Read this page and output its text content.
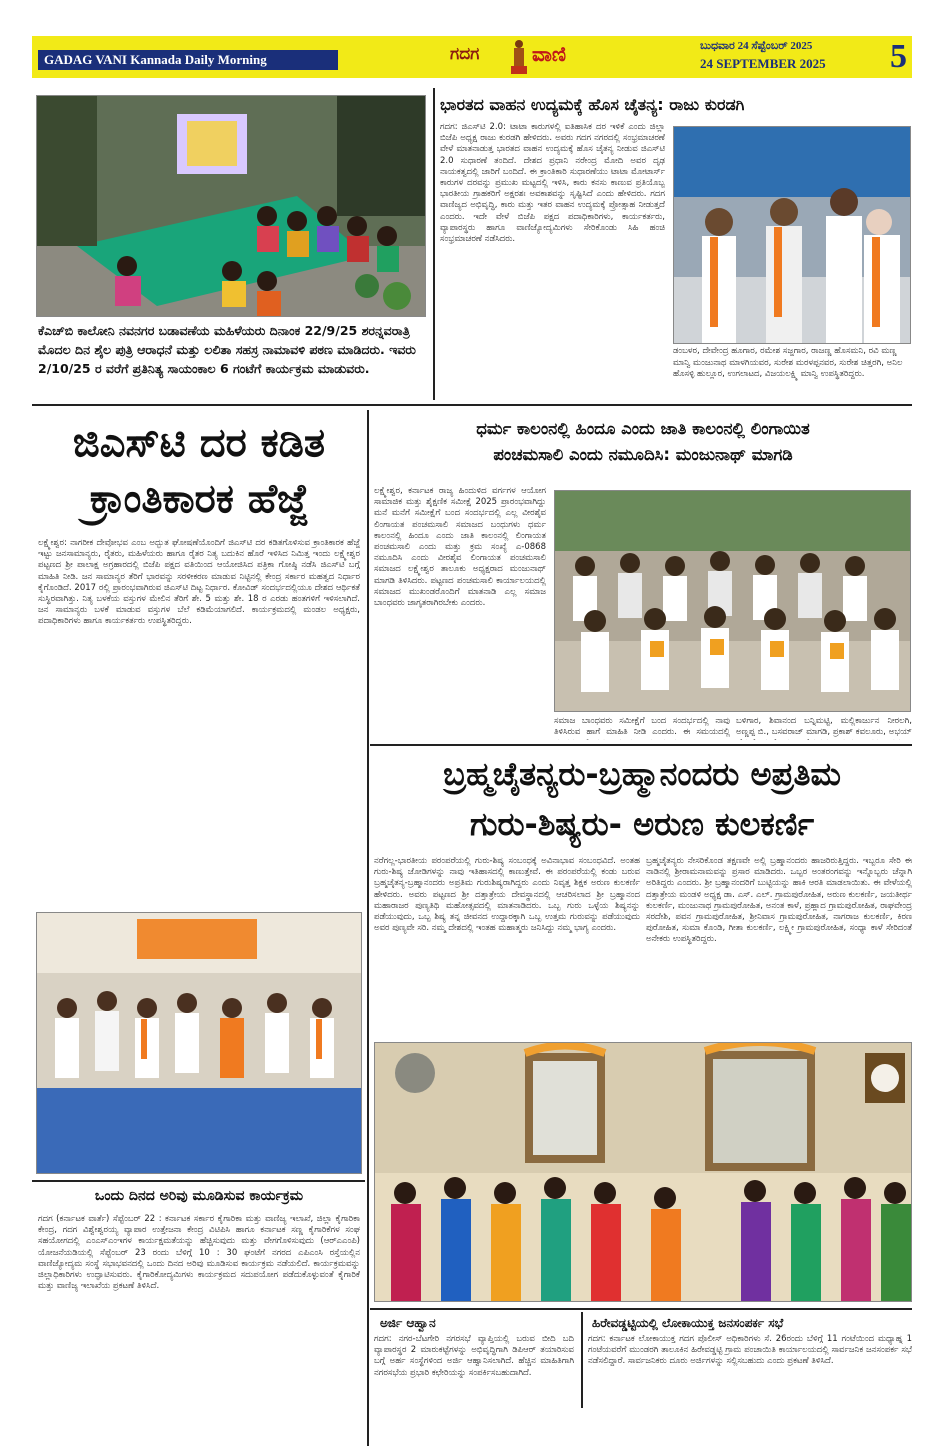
GADAG VANI Kannada Daily Morning	ಗದಗ	ವಾಣಿ	ಬುಧವಾರ 24 ಸೆಪ್ಟೆಂಬರ್ 2025
24 SEPTEMBER 2025 5
ಕೆಎಚ್‌ಬಿ ಕಾಲೋನಿ ನವನಗರ ಬಡಾವಣೆಯ ಮಹಿಳೆಯರು ದಿನಾಂಕ 22/9/25 ಶರನ್ನವರಾತ್ರಿ ಮೊದಲ ದಿನ ಶೈಲ ಪುತ್ರಿ ಆರಾಧನೆ ಮತ್ತು ಲಲಿತಾ ಸಹಸ್ರ ನಾಮಾವಳಿ ಪಠಣ ಮಾಡಿದರು. ಇವರು 2/10/25 ರ ವರೆಗೆ ಪ್ರತಿನಿತ್ಯ ಸಾಯಂಕಾಲ 6 ಗಂಟೆಗೆ ಕಾರ್ಯಕ್ರಮ ಮಾಡುವರು.
ಭಾರತದ ವಾಹನ ಉದ್ಯಮಕ್ಕೆ ಹೊಸ ಚೈತನ್ಯ: ರಾಜು ಕುರಡಗಿ
ಗದಗ: ಜಿಎಸ್‌ಟಿ 2.0: ಟಾಟಾ ಕಾರುಗಳಲ್ಲಿ ಐತಿಹಾಸಿಕ ದರ ಇಳಿಕೆ ಎಂದು ಜಿಲ್ಲಾ ಬಿಜೆಪಿ ಅಧ್ಯಕ್ಷ ರಾಜು ಕುರಡಗಿ ಹೇಳಿದರು. ಅವರು ಗದಗ ನಗರದಲ್ಲಿ ಸಂಭ್ರಮಾಚರಣೆ ವೇಳೆ ಮಾತನಾಡುತ್ತ ಭಾರತದ ವಾಹನ ಉದ್ಯಮಕ್ಕೆ ಹೊಸ ಚೈತನ್ಯ ನೀಡುವ ಜಿಎಸ್‌ಟಿ 2.0 ಸುಧಾರಣೆ ತಂದಿದೆ. ದೇಶದ ಪ್ರಧಾನಿ ನರೇಂದ್ರ ಮೋದಿ ಅವರ ದೃಢ ನಾಯಕತ್ವದಲ್ಲಿ ಜಾರಿಗೆ ಬಂದಿದೆ. ಈ ಕ್ರಾಂತಿಕಾರಿ ಸುಧಾರಣೆಯು ಟಾಟಾ ಮೋಟಾರ್ಸ್ ಕಾರುಗಳ ದರವನ್ನು ಪ್ರಮುಖ ಮಟ್ಟದಲ್ಲಿ ಇಳಿಸಿ, ಕಾರು ಕನಸು ಕಾಣುವ ಪ್ರತಿಯೊಬ್ಬ ಭಾರತೀಯ ಗ್ರಾಹಕರಿಗೆ ಅಕ್ಷರಶಃ ಅವಕಾಶವನ್ನು ಸೃಷ್ಟಿಸಿದೆ ಎಂದು ಹೇಳಿದರು. ಗದಗ ವಾಣಿಜ್ಯದ ಅಭಿವೃದ್ಧಿ, ಕಾರು ಮತ್ತು ಇತರ ವಾಹನ ಉದ್ಯಮಕ್ಕೆ ಪ್ರೋತ್ಸಾಹ ನೀಡುತ್ತದೆ ಎಂದರು. ಇದೇ ವೇಳೆ ಬಿಜೆಪಿ ಪಕ್ಷದ ಪದಾಧಿಕಾರಿಗಳು, ಕಾರ್ಯಕರ್ತರು, ವ್ಯಾಪಾರಸ್ಥರು ಹಾಗೂ ವಾಣಿಜ್ಯೋದ್ಯಮಿಗಳು ಸೇರಿಕೊಂಡು ಸಿಹಿ ಹಂಚಿ ಸಂಭ್ರಮಾಚರಣೆ ನಡೆಸಿದರು.
ಡಂಬಳರ, ದೇವೇಂದ್ರ ಹೂಗಾರ, ರಮೇಶ ಸಜ್ಜಗಾರ, ರಾಜಣ್ಣ ಹೊಸಮನಿ, ರವಿ ಮಣ್ಣ ಮಾನ್ವಿ ಮಂಜುನಾಥ ಮಾಳಗಿಯವರ, ಸುರೇಶ ಮರಳಪ್ಪನವರ, ಸುರೇಶ ಚಿತ್ತರಗಿ, ಅನಿಲ ಹೊಸಳ್ಳಿ ಹುಲ್ಲೂರ, ಉಗಲಾಟದ, ವಿಜಯಲಕ್ಷ್ಮಿ ಮಾನ್ವಿ ಉಪಸ್ಥಿತರಿದ್ದರು.
ಜಿಎಸ್‌ಟಿ ದರ ಕಡಿತ
ಕ್ರಾಂತಿಕಾರಕ ಹೆಜ್ಜೆ
ಲಕ್ಷ್ಮೇಶ್ವರ: ನಾಗರೀಕ ದೇವೋಭವ ಎಂಬ ಅದ್ಭುತ ಘೋಷಣೆಯೊಂದಿಗೆ ಜಿಎಸ್‌ಟಿ ದರ ಕಡಿತಗೊಳಿಸುವ ಕ್ರಾಂತಿಕಾರಕ ಹೆಜ್ಜೆ ಇಟ್ಟು ಜನಸಾಮಾನ್ಯರು, ರೈತರು, ಮಹಿಳೆಯರು ಹಾಗೂ ರೈತರ ನಿತ್ಯ ಬದುಕಿನ ಹೊರೆ ಇಳಿಸಿದ ನಿಮಿತ್ತ ಇಂದು ಲಕ್ಷ್ಮೇಶ್ವರ ಪಟ್ಟಣದ ಶ್ರೀ ಪಾಲಾಕ್ಷ ಅಗ್ರಹಾರದಲ್ಲಿ ಬಿಜೆಪಿ ಪಕ್ಷದ ವತಿಯಿಂದ ಆಯೋಜಿಸಿದ ಪತ್ರಿಕಾ ಗೋಷ್ಠಿ ನಡೆಸಿ ಜಿಎಸ್‌ಟಿ ಬಗ್ಗೆ ಮಾಹಿತಿ ನೀಡಿ. ಜನ ಸಾಮಾನ್ಯರ ತೆರಿಗೆ ಭಾರವನ್ನು ಸರಳೀಕರಣ ಮಾಡುವ ನಿಟ್ಟಿನಲ್ಲಿ ಕೇಂದ್ರ ಸರ್ಕಾರ ಮಹತ್ವದ ನಿರ್ಧಾರ ಕೈಗೊಂಡಿದೆ. 2017 ರಲ್ಲಿ ಪ್ರಾರಂಭವಾಗಿರುವ ಜಿಎಸ್‌ಟಿ ದಿಟ್ಟ ನಿರ್ಧಾರ. ಕೋವಿಡ್ ಸಂದರ್ಭದಲ್ಲಿಯೂ ದೇಶದ ಆರ್ಥಿಕತೆ ಸುಸ್ಥಿರವಾಗಿತ್ತು. ನಿತ್ಯ ಬಳಕೆಯ ವಸ್ತುಗಳ ಮೇಲಿನ ತೆರಿಗೆ ಶೇ. 5 ಮತ್ತು ಶೇ. 18 ರ ಎರಡು ಹಂತಗಳಿಗೆ ಇಳಿಸಲಾಗಿದೆ. ಜನ ಸಾಮಾನ್ಯರು ಬಳಕೆ ಮಾಡುವ ವಸ್ತುಗಳ ಬೆಲೆ ಕಡಿಮೆಯಾಗಲಿದೆ. ಕಾರ್ಯಕ್ರಮದಲ್ಲಿ ಮಂಡಲ ಅಧ್ಯಕ್ಷರು, ಪದಾಧಿಕಾರಿಗಳು ಹಾಗೂ ಕಾರ್ಯಕರ್ತರು ಉಪಸ್ಥಿತರಿದ್ದರು.
ಧರ್ಮ ಕಾಲಂನಲ್ಲಿ ಹಿಂದೂ ಎಂದು ಜಾತಿ ಕಾಲಂನಲ್ಲಿ ಲಿಂಗಾಯಿತ
ಪಂಚಮಸಾಲಿ ಎಂದು ನಮೂದಿಸಿ: ಮಂಜುನಾಥ್ ಮಾಗಡಿ
ಲಕ್ಷ್ಮೇಶ್ವರ, ಕರ್ನಾಟಕ ರಾಜ್ಯ ಹಿಂದುಳಿದ ವರ್ಗಗಳ ಆಯೋಗ ಸಾಮಾಜಿಕ ಮತ್ತು ಶೈಕ್ಷಣಿಕ ಸಮೀಕ್ಷೆ 2025 ಪ್ರಾರಂಭವಾಗಿದ್ದು ಮನೆ ಮನೆಗೆ ಸಮೀಕ್ಷೆಗೆ ಬಂದ ಸಂದರ್ಭದಲ್ಲಿ ಎಲ್ಲ ವೀರಶೈವ ಲಿಂಗಾಯತ ಪಂಚಮಸಾಲಿ ಸಮಾಜದ ಬಂಧುಗಳು ಧರ್ಮ ಕಾಲಂನಲ್ಲಿ ಹಿಂದೂ ಎಂದು ಜಾತಿ ಕಾಲಂನಲ್ಲಿ ಲಿಂಗಾಯತ ಪಂಚಮಸಾಲಿ ಎಂದು ಮತ್ತು ಕ್ರಮ ಸಂಖ್ಯೆ ಎ-0868 ನಮೂದಿಸಿ ಎಂದು ವೀರಶೈವ ಲಿಂಗಾಯತ ಪಂಚಮಸಾಲಿ ಸಮಾಜದ ಲಕ್ಷ್ಮೇಶ್ವರ ತಾಲೂಕು ಅಧ್ಯಕ್ಷರಾದ ಮಂಜುನಾಥ್ ಮಾಗಡಿ ತಿಳಿಸಿದರು. ಪಟ್ಟಣದ ಪಂಚಮಸಾಲಿ ಕಾರ್ಯಾಲಯದಲ್ಲಿ ಸಮಾಜದ ಮುಖಂಡರೊಂದಿಗೆ ಮಾತನಾಡಿ ಎಲ್ಲ ಸಮಾಜ ಬಾಂಧವರು ಜಾಗೃತರಾಗಿರಬೇಕು ಎಂದರು.
ಸಮಾಜ ಬಾಂಧವರು ಸಮೀಕ್ಷೆಗೆ ಬಂದ ಸಂದರ್ಭದಲ್ಲಿ ನಾವು ತಿಳಿಸಿರುವ ಹಾಗೆ ಮಾಹಿತಿ ನೀಡಿ ಎಂದರು. ಈ ಸಮಯದಲ್ಲಿ
ಬಳಿಗಾರ, ಶಿವಾನಂದ ಬನ್ನಿಮಟ್ಟಿ, ಮಲ್ಲಿಕಾರ್ಜುನ ನೀರಲಗಿ, ಅಣ್ಣಪ್ಪ ಬಿ., ಬಸವರಾಜ್ ಮಾಗಡಿ, ಪ್ರಕಾಶ್ ಕವಲೂರು, ಅಭಯ್
ಬ್ರಹ್ಮಚೈತನ್ಯರು-ಬ್ರಹ್ಮಾನಂದರು ಅಪ್ರತಿಮ
ಗುರು-ಶಿಷ್ಯರು- ಅರುಣ ಕುಲಕರ್ಣಿ
ನರೆಗಲ್ಲ-ಭಾರತೀಯ ಪರಂಪರೆಯಲ್ಲಿ ಗುರು-ಶಿಷ್ಯ ಸಂಬಂಧಕ್ಕೆ ಅವಿನಾಭಾವ ಸಂಬಂಧವಿದೆ. ಅಂತಹ ಗುರು-ಶಿಷ್ಯ ಜೋಡಿಗಳನ್ನು ನಾವು ಇತಿಹಾಸದಲ್ಲಿ ಕಾಣುತ್ತೇವೆ. ಈ ಪರಂಪರೆಯಲ್ಲಿ ಕಂಡು ಬರುವ ಬ್ರಹ್ಮಚೈತನ್ಯ-ಬ್ರಹ್ಮಾನಂದರು ಅಪ್ರತಿಮ ಗುರುಶಿಷ್ಯರಾಗಿದ್ದರು ಎಂದು ನಿವೃತ್ತ ಶಿಕ್ಷಕ ಅರುಣ ಕುಲಕರ್ಣಿ ಹೇಳಿದರು. ಅವರು ಪಟ್ಟಣದ ಶ್ರೀ ದತ್ತಾತ್ರೇಯ ದೇವಸ್ಥಾನದಲ್ಲಿ ಆಚರಿಸಲಾದ ಶ್ರೀ ಬ್ರಹ್ಮಾನಂದ ಮಹಾರಾಜರ ಪುಣ್ಯತಿಥಿ ಮಹೋತ್ಸವದಲ್ಲಿ ಮಾತನಾಡಿದರು. ಒಬ್ಬ ಗುರು ಒಳ್ಳೆಯ ಶಿಷ್ಯನನ್ನು ಪಡೆಯುವುದು, ಒಬ್ಬ ಶಿಷ್ಯ ತನ್ನ ಜೀವನದ ಉದ್ದಾರಕ್ಕಾಗಿ ಒಬ್ಬ ಉತ್ತಮ ಗುರುವನ್ನು ಪಡೆಯುವುದು ಅವರ ಪುಣ್ಯವೇ ಸರಿ. ನಮ್ಮ ದೇಶದಲ್ಲಿ ಇಂತಹ ಮಹಾತ್ಮರು ಜನಿಸಿದ್ದು ನಮ್ಮ ಭಾಗ್ಯ ಎಂದರು.
ಬ್ರಹ್ಮಚೈತನ್ಯರು ನೇಸರಿಕೊಂಡ ತಕ್ಷಣವೇ ಅಲ್ಲಿ ಬ್ರಹ್ಮಾನಂದರು ಹಾಜರಿರುತ್ತಿದ್ದರು. ಇಬ್ಬರೂ ಸೇರಿ ಈ ನಾಡಿನಲ್ಲಿ ಶ್ರೀರಾಮನಾಮವನ್ನು ಪ್ರಸಾರ ಮಾಡಿದರು. ಒಬ್ಬರ ಅಂತರಂಗವನ್ನು ಇನ್ನೊಬ್ಬರು ಚೆನ್ನಾಗಿ ಅರಿತಿದ್ದರು ಎಂದರು. ಶ್ರೀ ಬ್ರಹ್ಮಾನಂದರಿಗೆ ಬುಟ್ಟಿಯನ್ನು ಹಾಕಿ ಆರತಿ ಮಾಡಲಾಯಿತು. ಈ ವೇಳೆಯಲ್ಲಿ ದತ್ತಾತ್ರೇಯ ಮಂಡಳಿ ಅಧ್ಯಕ್ಷ ಡಾ. ಎಸ್. ಎಲ್. ಗ್ರಾಮಪುರೋಹಿತ, ಅರುಣ ಕುಲಕರ್ಣಿ, ಜಯತೀರ್ಥ ಕುಲಕರ್ಣಿ, ಮಂಜುನಾಥ ಗ್ರಾಮಪುರೋಹಿತ, ಅನಂತ ಕಾಳೆ, ಪ್ರಹ್ಲಾದ ಗ್ರಾಮಪುರೋಹಿತ, ರಾಘವೇಂದ್ರ ಸರದೇಶಿ, ಪವನ ಗ್ರಾಮಪುರೋಹಿತ, ಶ್ರೀನಿವಾಸ ಗ್ರಾಮಪುರೋಹಿತ, ನಾಗರಾಜ ಕುಲಕರ್ಣಿ, ಕಿರಣ ಪುರೋಹಿತ, ಸುಮಾ ಕೊಂಡಿ, ಗೀತಾ ಕುಲಕರ್ಣಿ, ಲಕ್ಷ್ಮೀ ಗ್ರಾಮಪುರೋಹಿತ, ಸಂಧ್ಯಾ ಕಾಳೆ ಸೇರಿದಂತೆ ಅನೇಕರು ಉಪಸ್ಥಿತರಿದ್ದರು.
ಒಂದು ದಿನದ ಅರಿವು ಮೂಡಿಸುವ ಕಾರ್ಯಕ್ರಮ
ಗದಗ (ಕರ್ನಾಟಕ ವಾರ್ತೆ) ಸೆಪ್ಟೆಂಬರ್ 22 : ಕರ್ನಾಟಕ ಸರ್ಕಾರ ಕೈಗಾರಿಕಾ ಮತ್ತು ವಾಣಿಜ್ಯ ಇಲಾಖೆ, ಜಿಲ್ಲಾ ಕೈಗಾರಿಕಾ ಕೇಂದ್ರ, ಗದಗ ವಿಶ್ವೇಶ್ವರಯ್ಯ ವ್ಯಾಪಾರ ಉತ್ತೇಜನಾ ಕೇಂದ್ರ ವಿಟಿಪಿಸಿ ಹಾಗೂ ಕರ್ನಾಟಕ ಸಣ್ಣ ಕೈಗಾರಿಕೆಗಳ ಸಂಘ ಸಹಯೋಗದಲ್ಲಿ ಎಂಎಸ್‌ಎಂಇಗಳ ಕಾರ್ಯಕ್ಷಮತೆಯನ್ನು ಹೆಚ್ಚಿಸುವುದು ಮತ್ತು ವೇಗಗೊಳಿಸುವುದು (ಆರ್‌ಎಎಂಪಿ) ಯೋಜನೆಯಡಿಯಲ್ಲಿ ಸೆಪ್ಟೆಂಬರ್ 23 ರಂದು ಬೆಳಿಗ್ಗೆ 10 : 30 ಘಂಟೆಗೆ ನಗರದ ಎಪಿಎಂಸಿ ರಸ್ತೆಯಲ್ಲಿನ ವಾಣಿಜ್ಯೋದ್ಯಮ ಸಂಸ್ಥೆ ಸಭಾಭವನದಲ್ಲಿ ಒಂದು ದಿನದ ಅರಿವು ಮೂಡಿಸುವ ಕಾರ್ಯಕ್ರಮ ನಡೆಯಲಿದೆ. ಕಾರ್ಯಕ್ರಮವನ್ನು ಜಿಲ್ಲಾಧಿಕಾರಿಗಳು ಉದ್ಘಾಟಿಸುವರು. ಕೈಗಾರಿಕೋದ್ಯಮಿಗಳು ಕಾರ್ಯಕ್ರಮದ ಸದುಪಯೋಗ ಪಡೆದುಕೊಳ್ಳುವಂತೆ ಕೈಗಾರಿಕೆ ಮತ್ತು ವಾಣಿಜ್ಯ ಇಲಾಖೆಯ ಪ್ರಕಟಣೆ ತಿಳಿಸಿದೆ.
ಅರ್ಜಿ ಆಹ್ವಾನ
ಗದಗ: ನಗರ-ಬೆಟಗೇರಿ ನಗರಸಭೆ ವ್ಯಾಪ್ತಿಯಲ್ಲಿ ಬರುವ ಬೀದಿ ಬದಿ ವ್ಯಾಪಾರಸ್ಥರ 2 ಮಾರುಕಟ್ಟೆಗಳನ್ನು ಅಭಿವೃದ್ಧಿಗಾಗಿ ಡಿಪಿಆರ್ ತಯಾರಿಸುವ ಬಗ್ಗೆ ಅರ್ಹ ಸಂಸ್ಥೆಗಳಿಂದ ಅರ್ಜಿ ಆಹ್ವಾನಿಸಲಾಗಿದೆ. ಹೆಚ್ಚಿನ ಮಾಹಿತಿಗಾಗಿ ನಗರಸಭೆಯ ಪ್ರಭಾರಿ ಕಛೇರಿಯನ್ನು ಸಂಪರ್ಕಿಸಬಹುದಾಗಿದೆ.
ಹಿರೇವಡ್ಡಟ್ಟಿಯಲ್ಲಿ ಲೋಕಾಯುಕ್ತ ಜನಸಂಪರ್ಕ ಸಭೆ
ಗದಗ: ಕರ್ನಾಟಕ ಲೋಕಾಯುಕ್ತ ಗದಗ ಪೊಲೀಸ್ ಅಧಿಕಾರಿಗಳು ಸೆ. 26ರಂದು ಬೆಳಿಗ್ಗೆ 11 ಗಂಟೆಯಿಂದ ಮಧ್ಯಾಹ್ನ 1 ಗಂಟೆಯವರೆಗೆ ಮುಂಡರಗಿ ತಾಲೂಕಿನ ಹಿರೇವಡ್ಡಟ್ಟಿ ಗ್ರಾಮ ಪಂಚಾಯಿತಿ ಕಾರ್ಯಾಲಯದಲ್ಲಿ ಸಾರ್ವಜನಿಕ ಜನಸಂಪರ್ಕ ಸಭೆ ನಡೆಸಲಿದ್ದಾರೆ. ಸಾರ್ವಜನಿಕರು ದೂರು ಅರ್ಜಿಗಳನ್ನು ಸಲ್ಲಿಸಬಹುದು ಎಂದು ಪ್ರಕಟಣೆ ತಿಳಿಸಿದೆ.
